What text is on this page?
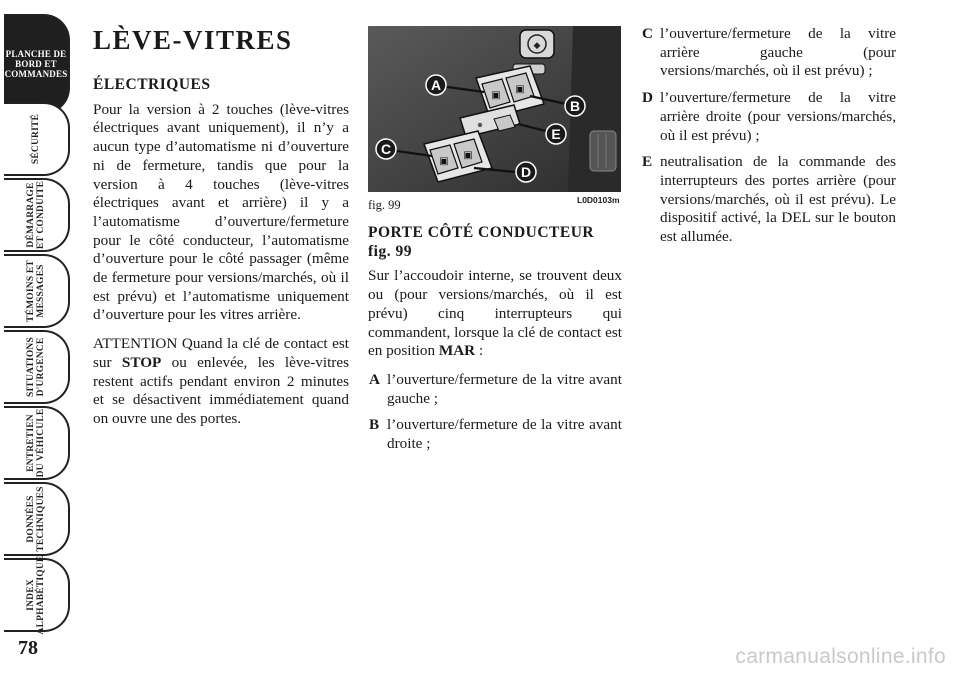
PLANCHE DE
BORD ET
COMMANDES
SÉCURITÉ
DÉMARRAGE
ET CONDUITE
TÉMOINS ET
MESSAGES
SITUATIONS
D'URGENCE
ENTRETIEN
DU VÉHICULE
DONNÉES
TECHNIQUES
INDEX
ALPHABÉTIQUE
78	carmanualsonline.info
LÈVE-VITRES
ÉLECTRIQUES

Pour la version à 2 touches (lève-vitres électriques avant uniquement), il n’y a aucun type d’automatisme ni d’ouverture ni de fermeture, tandis que pour la version à 4 touches (lève-vitres électriques avant et arrière) il y a l’automatisme d’ouverture/fermeture pour le côté conducteur, l’automatisme d’ouverture pour le côté passager (même de fermeture pour versions/marchés, où il est prévu) et l’automatisme uniquement d’ouverture pour les vitres arrière.

ATTENTION Quand la clé de contact est sur STOP ou enlevée, les lève-vitres restent actifs pendant environ 2 minutes et se désactivent immédiatement quand on ouvre une des portes.

◆
▣
▣
▣
▣
A
B
C
D
E
fig. 99	L0D0103m
PORTE CÔTÉ CONDUCTEUR
fig. 99

Sur l’accoudoir interne, se trouvent deux ou (pour versions/marchés, où il est prévu) cinq interrupteurs qui commandent, lorsque la clé de contact est en position MAR :

A l’ouverture/fermeture de la vitre avant gauche ;
B l’ouverture/fermeture de la vitre avant droite ;
C l’ouverture/fermeture de la vitre arrière gauche (pour versions/marchés, où il est prévu) ;
D l’ouverture/fermeture de la vitre arrière droite (pour versions/marchés, où il est prévu) ;
E neutralisation de la commande des interrupteurs des portes arrière (pour versions/marchés, où il est prévu). Le dispositif activé, la DEL sur le bouton est allumée.
